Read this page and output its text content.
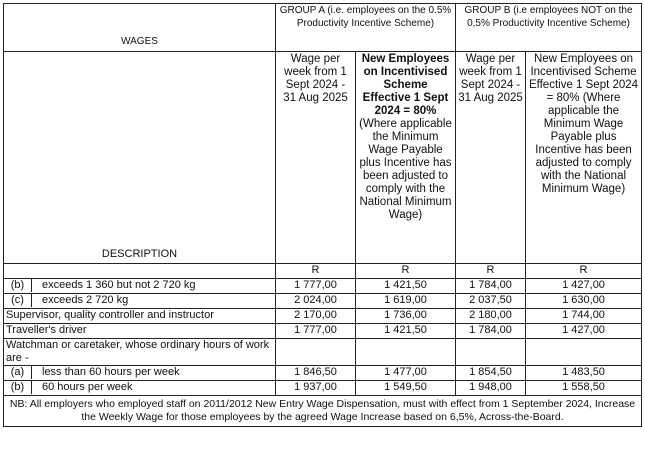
WAGES	GROUP A (i.e. employees on the 0.5% Productivity Incentive Scheme)		GROUP B (i.e employees NOT on the 0,5% Productivity Incentive Scheme)	
DESCRIPTION	Wage per week from 1 Sept 2024 - 31 Aug 2025	New Employees on Incentivised Scheme Effective 1 Sept 2024 = 80% (Where applicable the Minimum Wage Payable plus Incentive has been adjusted to comply with the National Minimum Wage)	Wage per week from 1 Sept 2024 - 31 Aug 2025	New Employees on Incentivised Scheme Effective 1 Sept 2024 = 80% (Where applicable the Minimum Wage Payable plus Incentive has been adjusted to comply with the National Minimum Wage)
	R	R	R	R

(b) exceeds 1 360 but not 2 720 kg	1 777,00	1 421,50	1 784,00	1 427,00

(c) exceeds 2 720 kg	2 024,00	1 619,00	2 037,50	1 630,00
Supervisor, quality controller and instructor	2 170,00	1 736,00	2 180,00	1 744,00
Traveller's driver	1 777,00	1 421,50	1 784,00	1 427,00
Watchman or caretaker, whose ordinary hours of work are -				

(a) less than 60 hours per week	1 846,50	1 477,00	1 854,50	1 483,50

(b) 60 hours per week	1 937,00	1 549,50	1 948,00	1 558,50
NB: All employers who employed staff on 2011/2012 New Entry Wage Dispensation, must with effect from 1 September 2024, Increase the Weekly Wage for those employees by the agreed Wage Increase based on 6,5%, Across-the-Board.				
